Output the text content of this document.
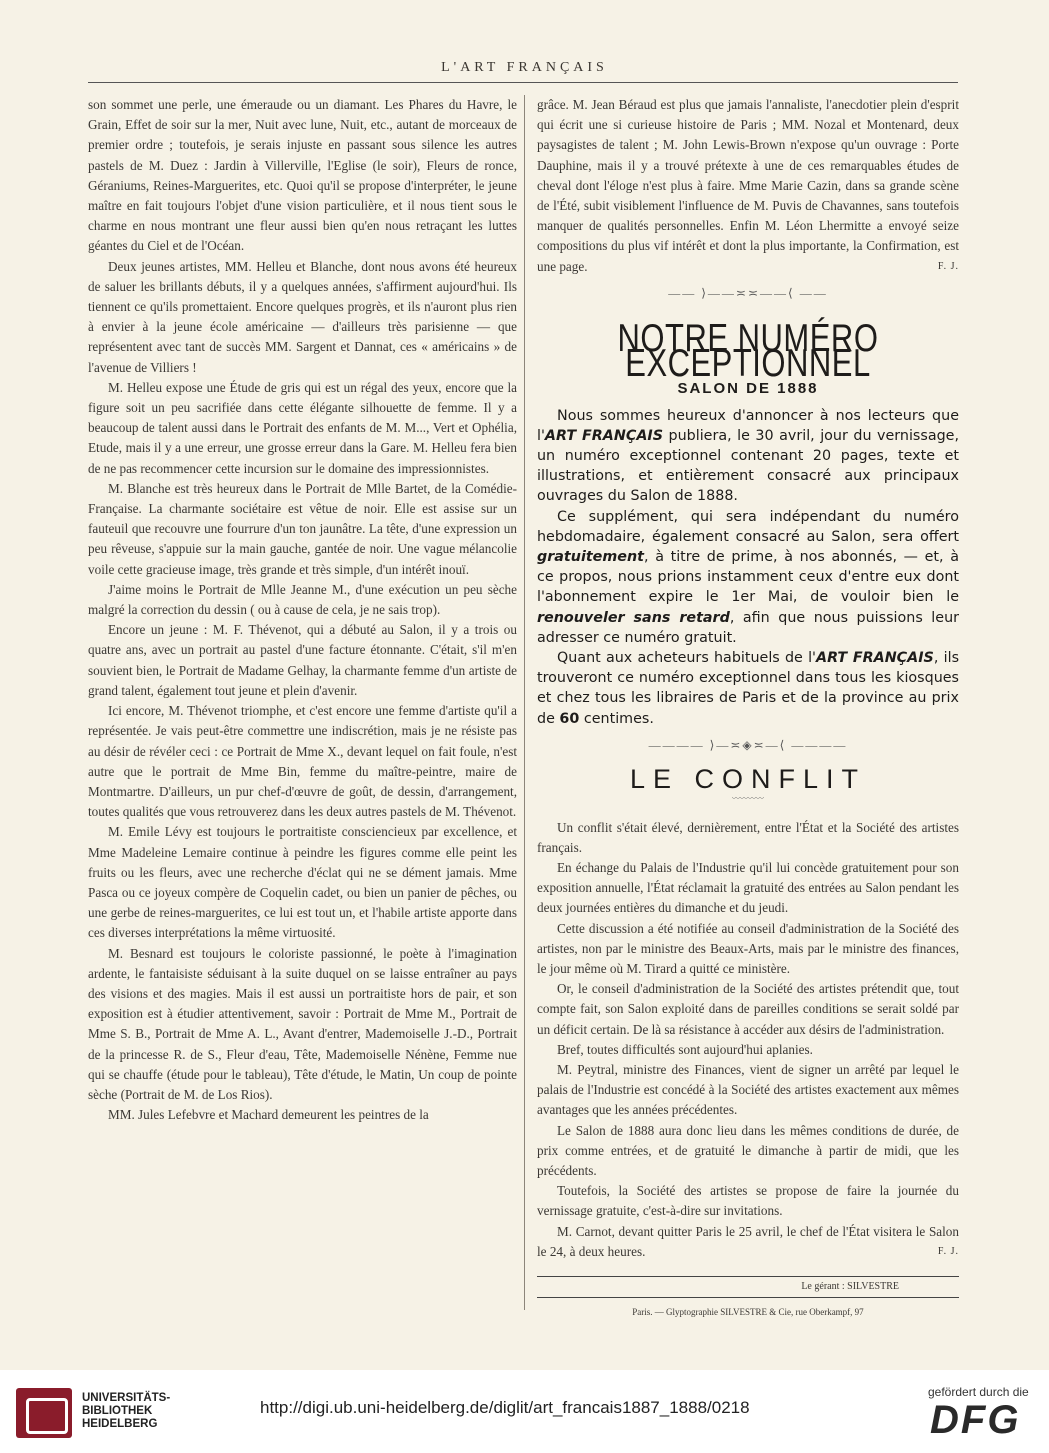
L'ART FRANÇAIS

son sommet une perle, une émeraude ou un diamant. Les Phares du Havre, le Grain, Effet de soir sur la mer, Nuit avec lune, Nuit, etc., autant de morceaux de premier ordre ; toutefois, je serais injuste en passant sous silence les autres pastels de M. Duez : Jardin à Villerville, l'Eglise (le soir), Fleurs de ronce, Géraniums, Reines-Marguerites, etc. Quoi qu'il se propose d'interpréter, le jeune maître en fait toujours l'objet d'une vision particulière, et il nous tient sous le charme en nous montrant une fleur aussi bien qu'en nous retraçant les luttes géantes du Ciel et de l'Océan.

Deux jeunes artistes, MM. Helleu et Blanche, dont nous avons été heureux de saluer les brillants débuts, il y a quelques années, s'affirment aujourd'hui. Ils tiennent ce qu'ils promettaient. Encore quelques progrès, et ils n'auront plus rien à envier à la jeune école américaine — d'ailleurs très parisienne — que représentent avec tant de succès MM. Sargent et Dannat, ces « américains » de l'avenue de Villiers !

M. Helleu expose une Étude de gris qui est un régal des yeux, encore que la figure soit un peu sacrifiée dans cette élégante silhouette de femme. Il y a beaucoup de talent aussi dans le Portrait des enfants de M. M..., Vert et Ophélia, Etude, mais il y a une erreur, une grosse erreur dans la Gare. M. Helleu fera bien de ne pas recommencer cette incursion sur le domaine des impressionnistes.

M. Blanche est très heureux dans le Portrait de Mlle Bartet, de la Comédie-Française. La charmante sociétaire est vêtue de noir. Elle est assise sur un fauteuil que recouvre une fourrure d'un ton jaunâtre. La tête, d'une expression un peu rêveuse, s'appuie sur la main gauche, gantée de noir. Une vague mélancolie voile cette gracieuse image, très grande et très simple, d'un intérêt inouï.

J'aime moins le Portrait de Mlle Jeanne M., d'une exécution un peu sèche malgré la correction du dessin ( ou à cause de cela, je ne sais trop).

Encore un jeune : M. F. Thévenot, qui a débuté au Salon, il y a trois ou quatre ans, avec un portrait au pastel d'une facture étonnante. C'était, s'il m'en souvient bien, le Portrait de Madame Gelhay, la charmante femme d'un artiste de grand talent, également tout jeune et plein d'avenir.

Ici encore, M. Thévenot triomphe, et c'est encore une femme d'artiste qu'il a représentée. Je vais peut-être commettre une indiscrétion, mais je ne résiste pas au désir de révéler ceci : ce Portrait de Mme X., devant lequel on fait foule, n'est autre que le portrait de Mme Bin, femme du maître-peintre, maire de Montmartre. D'ailleurs, un pur chef-d'œuvre de goût, de dessin, d'arrangement, toutes qualités que vous retrouverez dans les deux autres pastels de M. Thévenot.

M. Emile Lévy est toujours le portraitiste consciencieux par excellence, et Mme Madeleine Lemaire continue à peindre les figures comme elle peint les fruits ou les fleurs, avec une recherche d'éclat qui ne se dément jamais. Mme Pasca ou ce joyeux compère de Coquelin cadet, ou bien un panier de pêches, ou une gerbe de reines-marguerites, ce lui est tout un, et l'habile artiste apporte dans ces diverses interprétations la même virtuosité.

M. Besnard est toujours le coloriste passionné, le poète à l'imagination ardente, le fantaisiste séduisant à la suite duquel on se laisse entraîner au pays des visions et des magies. Mais il est aussi un portraitiste hors de pair, et son exposition est à étudier attentivement, savoir : Portrait de Mme M., Portrait de Mme S. B., Portrait de Mme A. L., Avant d'entrer, Mademoiselle J.-D., Portrait de la princesse R. de S., Fleur d'eau, Tête, Mademoiselle Nénène, Femme nue qui se chauffe (étude pour le tableau), Tête d'étude, le Matin, Un coup de pointe sèche (Portrait de M. de Los Rios).

MM. Jules Lefebvre et Machard demeurent les peintres de la

grâce. M. Jean Béraud est plus que jamais l'annaliste, l'anecdotier plein d'esprit qui écrit une si curieuse histoire de Paris ; MM. Nozal et Montenard, deux paysagistes de talent ; M. John Lewis-Brown n'expose qu'un ouvrage : Porte Dauphine, mais il y a trouvé prétexte à une de ces remarquables études de cheval dont l'éloge n'est plus à faire. Mme Marie Cazin, dans sa grande scène de l'Été, subit visiblement l'influence de M. Puvis de Chavannes, sans toutefois manquer de qualités personnelles. Enfin M. Léon Lhermitte a envoyé seize compositions du plus vif intérêt et dont la plus importante, la Confirmation, est une page.	F. J.

—— ⟩——≍≍——⟨ ——
NOTRE NUMÉRO EXCEPTIONNEL
SALON DE 1888

Nous sommes heureux d'annoncer à nos lecteurs que l'ART FRANÇAIS publiera, le 30 avril, jour du vernissage, un numéro exceptionnel contenant 20 pages, texte et illustrations, et entièrement consacré aux principaux ouvrages du Salon de 1888.

Ce supplément, qui sera indépendant du numéro hebdomadaire, également consacré au Salon, sera offert gratuitement, à titre de prime, à nos abonnés, — et, à ce propos, nous prions instamment ceux d'entre eux dont l'abonnement expire le 1er Mai, de vouloir bien le renouveler sans retard, afin que nous puissions leur adresser ce numéro gratuit.

Quant aux acheteurs habituels de l'ART FRANÇAIS, ils trouveront ce numéro exceptionnel dans tous les kiosques et chez tous les libraires de Paris et de la province au prix de 60 centimes.

———— ⟩—≍◈≍—⟨ ————
LE CONFLIT
〰〰〰〰

Un conflit s'était élevé, dernièrement, entre l'État et la Société des artistes français.

En échange du Palais de l'Industrie qu'il lui concède gratuitement pour son exposition annuelle, l'État réclamait la gratuité des entrées au Salon pendant les deux journées entières du dimanche et du jeudi.

Cette discussion a été notifiée au conseil d'administration de la Société des artistes, non par le ministre des Beaux-Arts, mais par le ministre des finances, le jour même où M. Tirard a quitté ce ministère.

Or, le conseil d'administration de la Société des artistes prétendit que, tout compte fait, son Salon exploité dans de pareilles conditions se serait soldé par un déficit certain. De là sa résistance à accéder aux désirs de l'administration.

Bref, toutes difficultés sont aujourd'hui aplanies.

M. Peytral, ministre des Finances, vient de signer un arrêté par lequel le palais de l'Industrie est concédé à la Société des artistes exactement aux mêmes avantages que les années précédentes.

Le Salon de 1888 aura donc lieu dans les mêmes conditions de durée, de prix comme entrées, et de gratuité le dimanche à partir de midi, que les précédents.

Toutefois, la Société des artistes se propose de faire la journée du vernissage gratuite, c'est-à-dire sur invitations.

M. Carnot, devant quitter Paris le 25 avril, le chef de l'État visitera le Salon le 24, à deux heures.	F. J.

Le gérant : SILVESTRE
Paris. — Glyptographie SILVESTRE & Cie, rue Oberkampf, 97
UNIVERSITÄTS-
BIBLIOTHEK
HEIDELBERG
http://digi.ub.uni-heidelberg.de/diglit/art_francais1887_1888/0218
gefördert durch die
DFG
